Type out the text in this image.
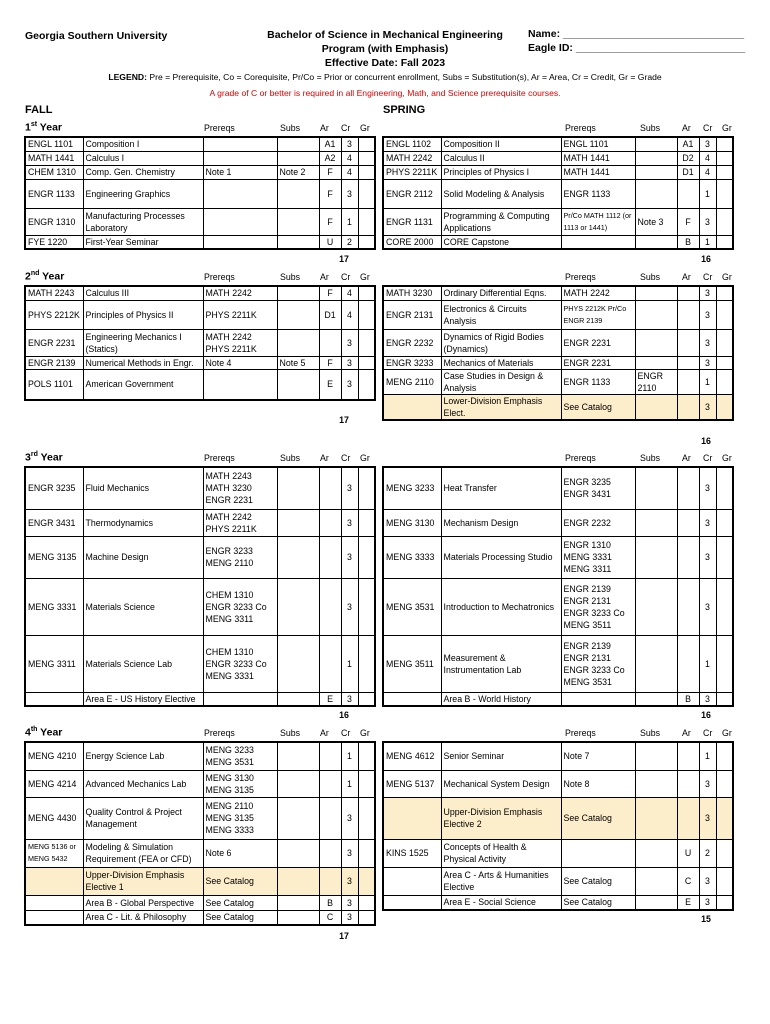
Georgia Southern University	Bachelor of Science in Mechanical Engineering
Program (with Emphasis)
Effective Date: Fall 2023
Name: _______________________________
Eagle ID: _____________________________
LEGEND: Pre = Prerequisite, Co = Corequisite, Pr/Co = Prior or concurrent enrollment, Subs = Substitution(s), Ar = Area, Cr = Credit, Gr = Grade
A grade of C or better is required in all Engineering, Math, and Science prerequisite courses.
FALL	SPRING
1st Year	Prereqs	Subs Ar Cr Gr	Prereqs	Subs Ar Cr Gr
2nd Year	Prereqs	Subs Ar Cr Gr	Prereqs	Subs Ar Cr Gr
3rd Year	Prereqs	Subs Ar Cr Gr	Prereqs	Subs Ar Cr Gr
4th Year	Prereqs	Subs Ar Cr Gr	Prereqs	Subs Ar Cr Gr
ENGL 1101	Composition I			A1	3	
MATH 1441	Calculus I			A2	4	
CHEM 1310	Comp. Gen. Chemistry	Note 1	Note 2	F	4	
ENGR 1133	Engineering Graphics			F	3	
ENGR 1310	Manufacturing Processes Laboratory			F	1	
FYE 1220	First-Year Seminar			U	2	
ENGL 1102	Composition II	ENGL 1101		A1	3	
MATH 2242	Calculus II	MATH 1441		D2	4	
PHYS 2211K	Principles of Physics I	MATH 1441		D1	4	
ENGR 2112	Solid Modeling & Analysis	ENGR 1133			1	
ENGR 1131	Programming & Computing Applications	Pr/Co MATH 1112 (or 1113 or 1441)	Note 3	F	3	
CORE 2000	CORE Capstone			B	1	
MATH 2243	Calculus III	MATH 2242		F	4	
PHYS 2212K	Principles of Physics II	PHYS 2211K		D1	4	
ENGR 2231	Engineering Mechanics I (Statics)	MATH 2242 PHYS 2211K			3	
ENGR 2139	Numerical Methods in Engr.	Note 4	Note 5	F	3	
POLS 1101	American Government			E	3	
MATH 3230	Ordinary Differential Eqns.	MATH 2242			3	
ENGR 2131	Electronics & Circuits Analysis	PHYS 2212K Pr/Co ENGR 2139			3	
ENGR 2232	Dynamics of Rigid Bodies (Dynamics)	ENGR 2231			3	
ENGR 3233	Mechanics of Materials	ENGR 2231			3	
MENG 2110	Case Studies in Design & Analysis	ENGR 1133	ENGR 2110		1	
	Lower-Division Emphasis Elect.	See Catalog			3	
ENGR 3235	Fluid Mechanics	MATH 2243 MATH 3230 ENGR 2231			3	
ENGR 3431	Thermodynamics	MATH 2242 PHYS 2211K			3	
MENG 3135	Machine Design	ENGR 3233 MENG 2110			3	
MENG 3331	Materials Science	CHEM 1310 ENGR 3233 Co MENG 3311			3	
MENG 3311	Materials Science Lab	CHEM 1310 ENGR 3233 Co MENG 3331			1	
	Area E - US History Elective			E	3	
MENG 3233	Heat Transfer	ENGR 3235 ENGR 3431			3	
MENG 3130	Mechanism Design	ENGR 2232			3	
MENG 3333	Materials Processing Studio	ENGR 1310 MENG 3331 MENG 3311			3	
MENG 3531	Introduction to Mechatronics	ENGR 2139 ENGR 2131 ENGR 3233 Co MENG 3511			3	
MENG 3511	Measurement & Instrumentation Lab	ENGR 2139 ENGR 2131 ENGR 3233 Co MENG 3531			1	
	Area B - World History			B	3	
MENG 4210	Energy Science Lab	MENG 3233 MENG 3531			1	
MENG 4214	Advanced Mechanics Lab	MENG 3130 MENG 3135			1	
MENG 4430	Quality Control & Project Management	MENG 2110 MENG 3135 MENG 3333			3	
MENG 5136 or MENG 5432	Modeling & Simulation Requirement (FEA or CFD)	Note 6			3	
	Upper-Division Emphasis Elective 1	See Catalog			3	
	Area B - Global Perspective	See Catalog		B	3	
	Area C - Lit. & Philosophy	See Catalog		C	3	
MENG 4612	Senior Seminar	Note 7			1	
MENG 5137	Mechanical System Design	Note 8			3	
	Upper-Division Emphasis Elective 2	See Catalog			3	
KINS 1525	Concepts of Health & Physical Activity			U	2	
	Area C - Arts & Humanities Elective	See Catalog		C	3	
	Area E - Social Science	See Catalog		E	3	
17	16
17
16
16	16
17
15
